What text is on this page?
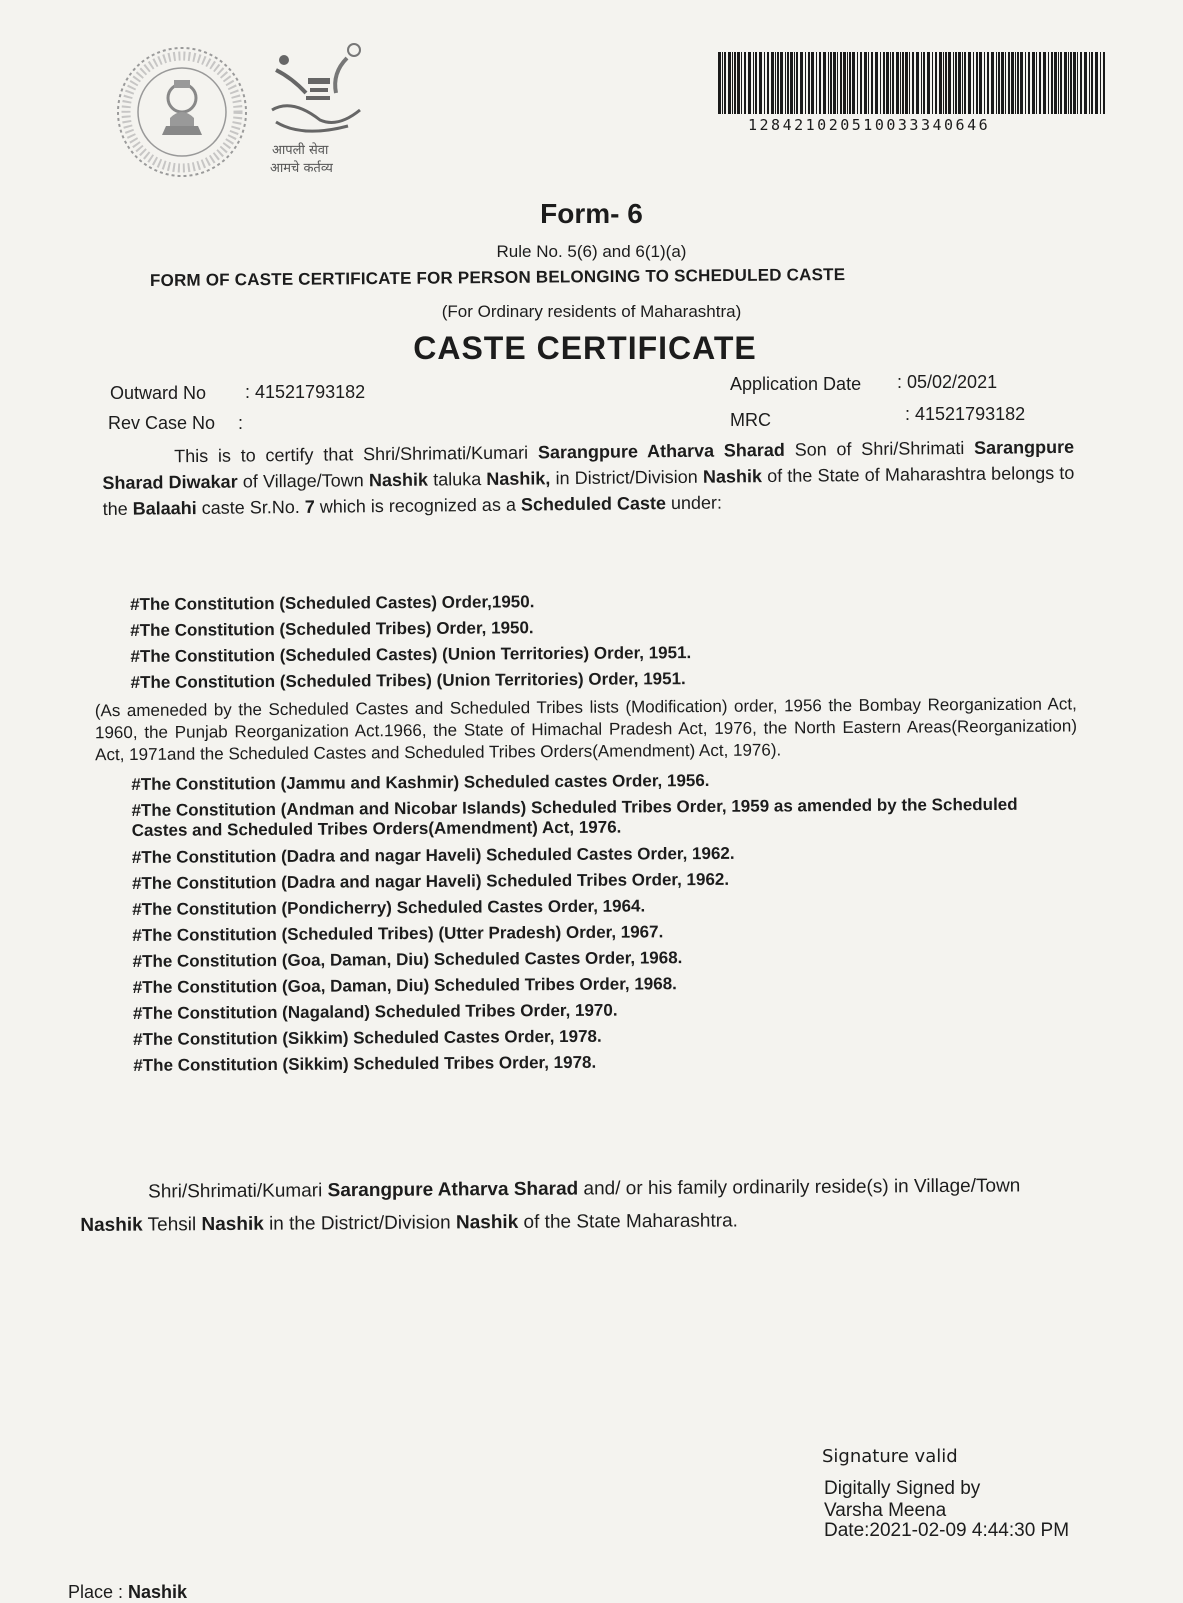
आपली सेवा
आमचे कर्तव्य
128421020510033340646
Form- 6
Rule No. 5(6) and 6(1)(a)
FORM OF CASTE CERTIFICATE FOR PERSON BELONGING TO SCHEDULED CASTE
(For Ordinary residents of Maharashtra)
CASTE CERTIFICATE
Outward No : 41521793182
Rev Case No :
Application Date : 05/02/2021
MRC	: 41521793182
This is to certify that Shri/Shrimati/Kumari Sarangpure Atharva Sharad Son of Shri/Shrimati Sarangpure Sharad Diwakar of Village/Town Nashik taluka Nashik, in District/Division Nashik of the State of Maharashtra belongs to the Balaahi caste Sr.No. 7 which is recognized as a Scheduled Caste under:
#The Constitution (Scheduled Castes) Order,1950.
#The Constitution (Scheduled Tribes) Order, 1950.
#The Constitution (Scheduled Castes) (Union Territories) Order, 1951.
#The Constitution (Scheduled Tribes) (Union Territories) Order, 1951.
(As ameneded by the Scheduled Castes and Scheduled Tribes lists (Modification) order, 1956 the Bombay Reorganization Act, 1960, the Punjab Reorganization Act.1966, the State of Himachal Pradesh Act, 1976, the North Eastern Areas(Reorganization) Act, 1971and the Scheduled Castes and Scheduled Tribes Orders(Amendment) Act, 1976).
#The Constitution (Jammu and Kashmir) Scheduled castes Order, 1956.
#The Constitution (Andman and Nicobar Islands) Scheduled Tribes Order, 1959 as amended by the Scheduled Castes and Scheduled Tribes Orders(Amendment) Act, 1976.
#The Constitution (Dadra and nagar Haveli) Scheduled Castes Order, 1962.
#The Constitution (Dadra and nagar Haveli) Scheduled Tribes Order, 1962.
#The Constitution (Pondicherry) Scheduled Castes Order, 1964.
#The Constitution (Scheduled Tribes) (Utter Pradesh) Order, 1967.
#The Constitution (Goa, Daman, Diu) Scheduled Castes Order, 1968.
#The Constitution (Goa, Daman, Diu) Scheduled Tribes Order, 1968.
#The Constitution (Nagaland) Scheduled Tribes Order, 1970.
#The Constitution (Sikkim) Scheduled Castes Order, 1978.
#The Constitution (Sikkim) Scheduled Tribes Order, 1978.
Shri/Shrimati/Kumari Sarangpure Atharva Sharad and/ or his family ordinarily reside(s) in Village/Town Nashik Tehsil Nashik in the District/Division Nashik of the State Maharashtra.
Signature valid
Digitally Signed by
Varsha Meena
Date:2021-02-09 4:44:30 PM
Place : Nashik
